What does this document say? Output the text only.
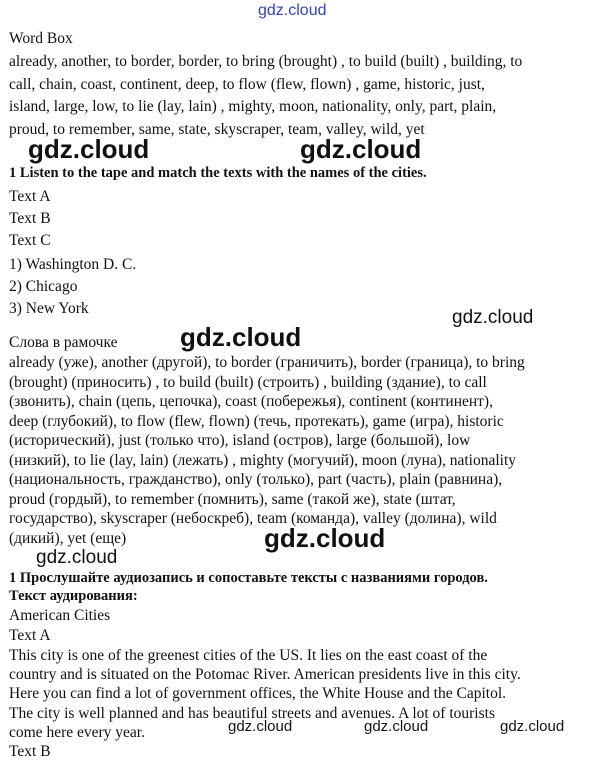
gdz.cloud
gdz.cloud	gdz.cloud
gdz.cloud
gdz.cloud
gdz.cloud
gdz.cloud
gdz.cloud	gdz.cloud	gdz.cloud
Word Box
already, another, to border, border, to bring (brought) , to build (built) , building, to
call, chain, coast, continent, deep, to flow (flew, flown) , game, historic, just,
island, large, low, to lie (lay, lain) , mighty, moon, nationality, only, part, plain,
proud, to remember, same, state, skyscraper, team, valley, wild, yet
1 Listen to the tape and match the texts with the names of the cities.
Text A
Text B
Text C
1) Washington D. C.
2) Chicago
3) New York
Слова в рамочке
already (уже), another (другой), to border (граничить), border (граница), to bring
(brought) (приносить) , to build (built) (строить) , building (здание), to call
(звонить), chain (цепь, цепочка), coast (побережья), continent (континент),
deep (глубокий), to flow (flew, flown) (течь, протекать), game (игра), historic
(исторический), just (только что), island (остров), large (большой), low
(низкий), to lie (lay, lain) (лежать) , mighty (могучий), moon (луна), nationality
(национальность, гражданство), only (только), part (часть), plain (равнина),
proud (гордый), to remember (помнить), same (такой же), state (штат,
государство), skyscraper (небоскреб), team (команда), valley (долина), wild
(дикий), yet (еще)
1 Прослушайте аудиозапись и сопоставьте тексты с названиями городов.
Текст аудирования:
American Cities
Text A
This city is one of the greenest cities of the US. It lies on the east coast of the
country and is situated on the Potomac River. American presidents live in this city.
Here you can find a lot of government offices, the White House and the Capitol.
The city is well planned and has beautiful streets and avenues. A lot of tourists
come here every year.
Text B
